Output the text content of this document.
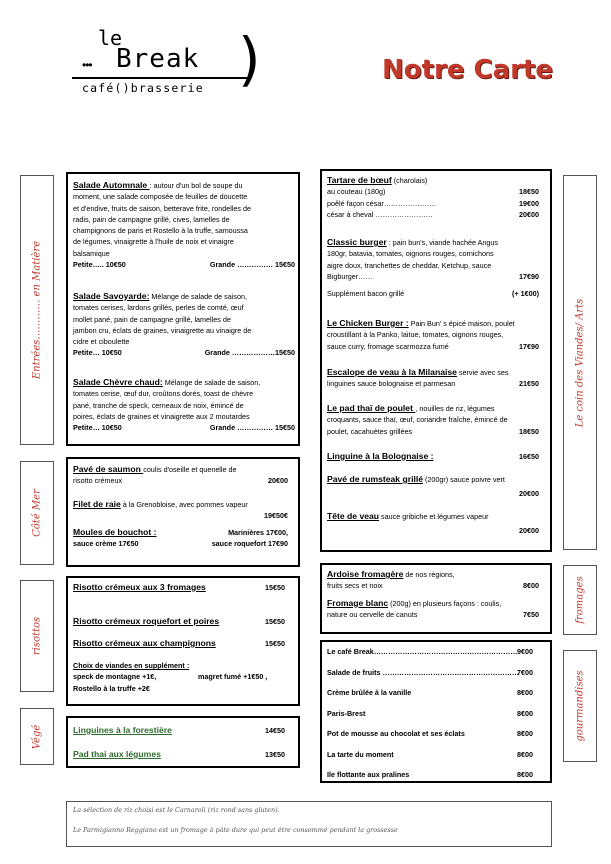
le
••• Break
café()brasserie )	Notre Carte
Entrées………… en Matière
Côté Mer
risottos
Végé
Le coin des Viandes/ Arts
fromages
gourmandises
Salade Automnale : autour d'un bol de soupe du
moment, une salade composée de feuilles de doucette
et d'endive, fruits de saison, betterave frite, rondelles de
radis, pain de campagne grillé, cives, lamelles de
champignons de paris et Rostello à la truffe, samoussa
de légumes, vinaigrette à l'huile de noix et vinaigre
balsamique
Petite….. 10€50	Grande …………… 15€50
Salade Savoyarde: Mélange de salade de saison,
tomates cerises, lardons grillés, perles de comté, œuf
mollet pané, pain de campagne grillé, lamelles de
jambon cru, éclats de graines, vinaigrette au vinaigre de
cidre et ciboulette
Petite… 10€50	Grande ………………15€50
Salade Chèvre chaud: Mélange de salade de saison,
tomates cerise, œuf dur, croûtons dorés, toast de chèvre
pané, tranche de speck, cerneaux de noix, émincé de
poires, éclats de graines et vinaigrette aux 2 moutardes
Petite… 10€50	Grande …………… 15€50
Pavé de saumon coulis d'oseille et quenelle de
risotto crémeux	20€00
Filet de raie à la Grenobloise, avec pommes vapeur
19€50€
Moules de bouchot :	Marinières 17€00,
sauce crème 17€50	sauce roquefort 17€90
Risotto crémeux aux 3 fromages	15€50
Risotto crémeux roquefort et poires	15€50
Risotto crémeux aux champignons	15€50
Choix de viandes en supplément :
speck de montagne +1€,	magret fumé +1€50 ,
Rostello à la truffe +2€
Linguines à la forestière	14€50
Pad thai aux légumes	13€50
Tartare de bœuf (charolais)
au couteau (180g)	18€50
poêlé façon césar………………….	19€00
césar à cheval ……………………	20€00
Classic burger : pain bun's, viande hachée Angus
180gr, batavia, tomates, oignons rouges, cornichons
aigre doux, tranchettes de cheddar, Ketchup, sauce
Bigburger……	17€90
Supplément bacon grillé	(+ 1€00)
Le Chicken Burger : Pain Bun' s épicé maison, poulet
croustillant à la Panko, laitue, tomates, oignons rouges,
sauce curry, fromage scarmozza fumé	17€90
Escalope de veau à la Milanaise servie avec ses
linguines sauce bolognaise et parmesan	21€50
Le pad thaï de poulet , nouilles de riz, légumes
croquants, sauce thaï, œuf, coriandre fraîche, émincé de
poulet, cacahuètes grillées	18€50
Linguine à la Bolognaise :	16€50
Pavé de rumsteak grillé (200gr) sauce poivre vert
20€00
Tête de veau sauce gribiche et légumes vapeur
20€00
Ardoise fromagère de nos régions,
fruits secs et noix	8€00
Fromage blanc (200g) en plusieurs façons : coulis,
nature ou cervelle de canuts	7€50
Le café Break…………………………………………………… 9€00
Salade de fruits …………………………………………………
7€00
Crème brûlée à la vanille	8€00
Paris-Brest	8€00
Pot de mousse au chocolat et ses éclats	8€00
La tarte du moment	8€00
Ile flottante aux pralines	8€00
La sélection de riz choisi est le Carnaroli (riz rond sans gluten).
Le Parmigianno Reggiano est un fromage à pâte dure qui peut être consommé pendant la grossesse
